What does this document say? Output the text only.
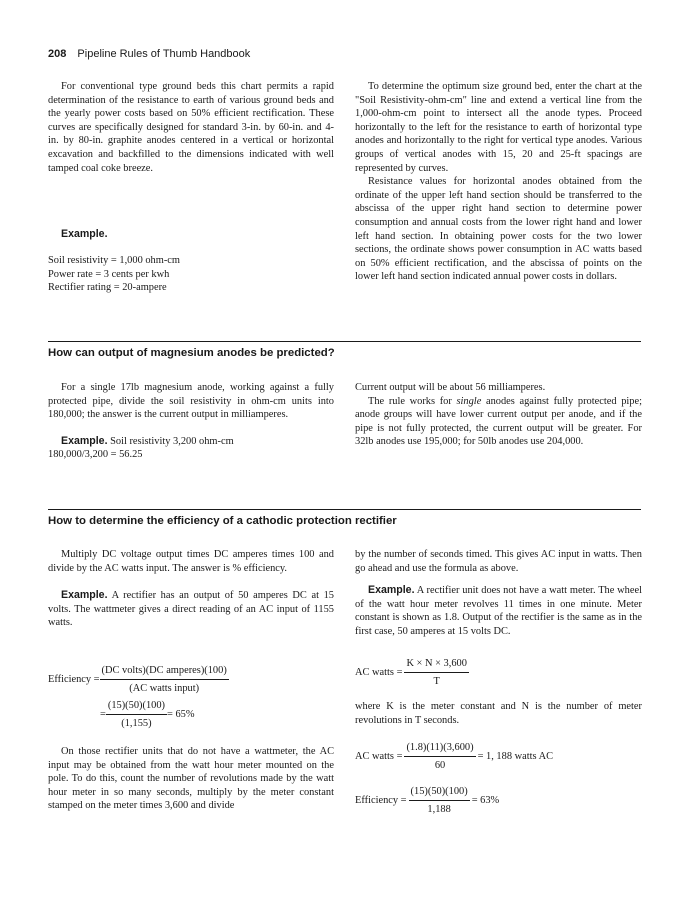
208 Pipeline Rules of Thumb Handbook

For conventional type ground beds this chart permits a rapid determination of the resistance to earth of various ground beds and the yearly power costs based on 50% efficient rectification. These curves are specifically designed for standard 3-in. by 60-in. and 4-in. by 80-in. graphite anodes centered in a vertical or horizontal excavation and backfilled to the dimensions indicated with well tamped coal coke breeze.

Example.

Soil resistivity = 1,000 ohm-cm

Power rate = 3 cents per kwh

Rectifier rating = 20-ampere

To determine the optimum size ground bed, enter the chart at the "Soil Resistivity-ohm-cm" line and extend a vertical line from the 1,000-ohm-cm point to intersect all the anode types. Proceed horizontally to the left for the resistance to earth of horizontal type anodes and horizontally to the right for vertical type anodes. Various groups of vertical anodes with 15, 20 and 25-ft spacings are represented by curves.

Resistance values for horizontal anodes obtained from the ordinate of the upper left hand section should be transferred to the abscissa of the upper right hand section to determine power consumption and annual costs from the lower right hand and lower left hand section. In obtaining power costs for the two lower sections, the ordinate shows power consumption in AC watts based on 50% efficient rectification, and the abscissa of points on the lower left hand section indicated annual power costs in dollars.

How can output of magnesium anodes be predicted?

For a single 17lb magnesium anode, working against a fully protected pipe, divide the soil resistivity in ohm-cm units into 180,000; the answer is the current output in milliamperes.

Example. Soil resistivity 3,200 ohm-cm

180,000/3,200 = 56.25

Current output will be about 56 milliamperes.

The rule works for single anodes against fully protected pipe; anode groups will have lower current output per anode, and if the pipe is not fully protected, the current output will be greater. For 32lb anodes use 195,000; for 50lb anodes use 204,000.

How to determine the efficiency of a cathodic protection rectifier

Multiply DC voltage output times DC amperes times 100 and divide by the AC watts input. The answer is % efficiency.

Example. A rectifier has an output of 50 amperes DC at 15 volts. The wattmeter gives a direct reading of an AC input of 1155 watts.

Efficiency = $\frac{\text{(DC volts)(DC amperes)(100)}}{\text{(AC watts input)}}$
= $\frac{(15)(50)(100)}{(1,155)} = 65\%$

On those rectifier units that do not have a wattmeter, the AC input may be obtained from the watt hour meter mounted on the pole. To do this, count the number of revolutions made by the watt hour meter in so many seconds, multiply by the meter constant stamped on the meter times 3,600 and divide

by the number of seconds timed. This gives AC input in watts. Then go ahead and use the formula as above.

Example. A rectifier unit does not have a watt meter. The wheel of the watt hour meter revolves 11 times in one minute. Meter constant is shown as 1.8. Output of the rectifier is the same as in the first case, 50 amperes at 15 volts DC.

AC watts = $\frac{K \times N \times 3,600}{T}$

where K is the meter constant and N is the number of meter revolutions in T seconds.

AC watts = $\frac{(1.8)(11)(3,600)}{60} = 1$, 188 watts AC
Efficiency = $\frac{(15)(50)(100)}{1,188} = 63\%$
